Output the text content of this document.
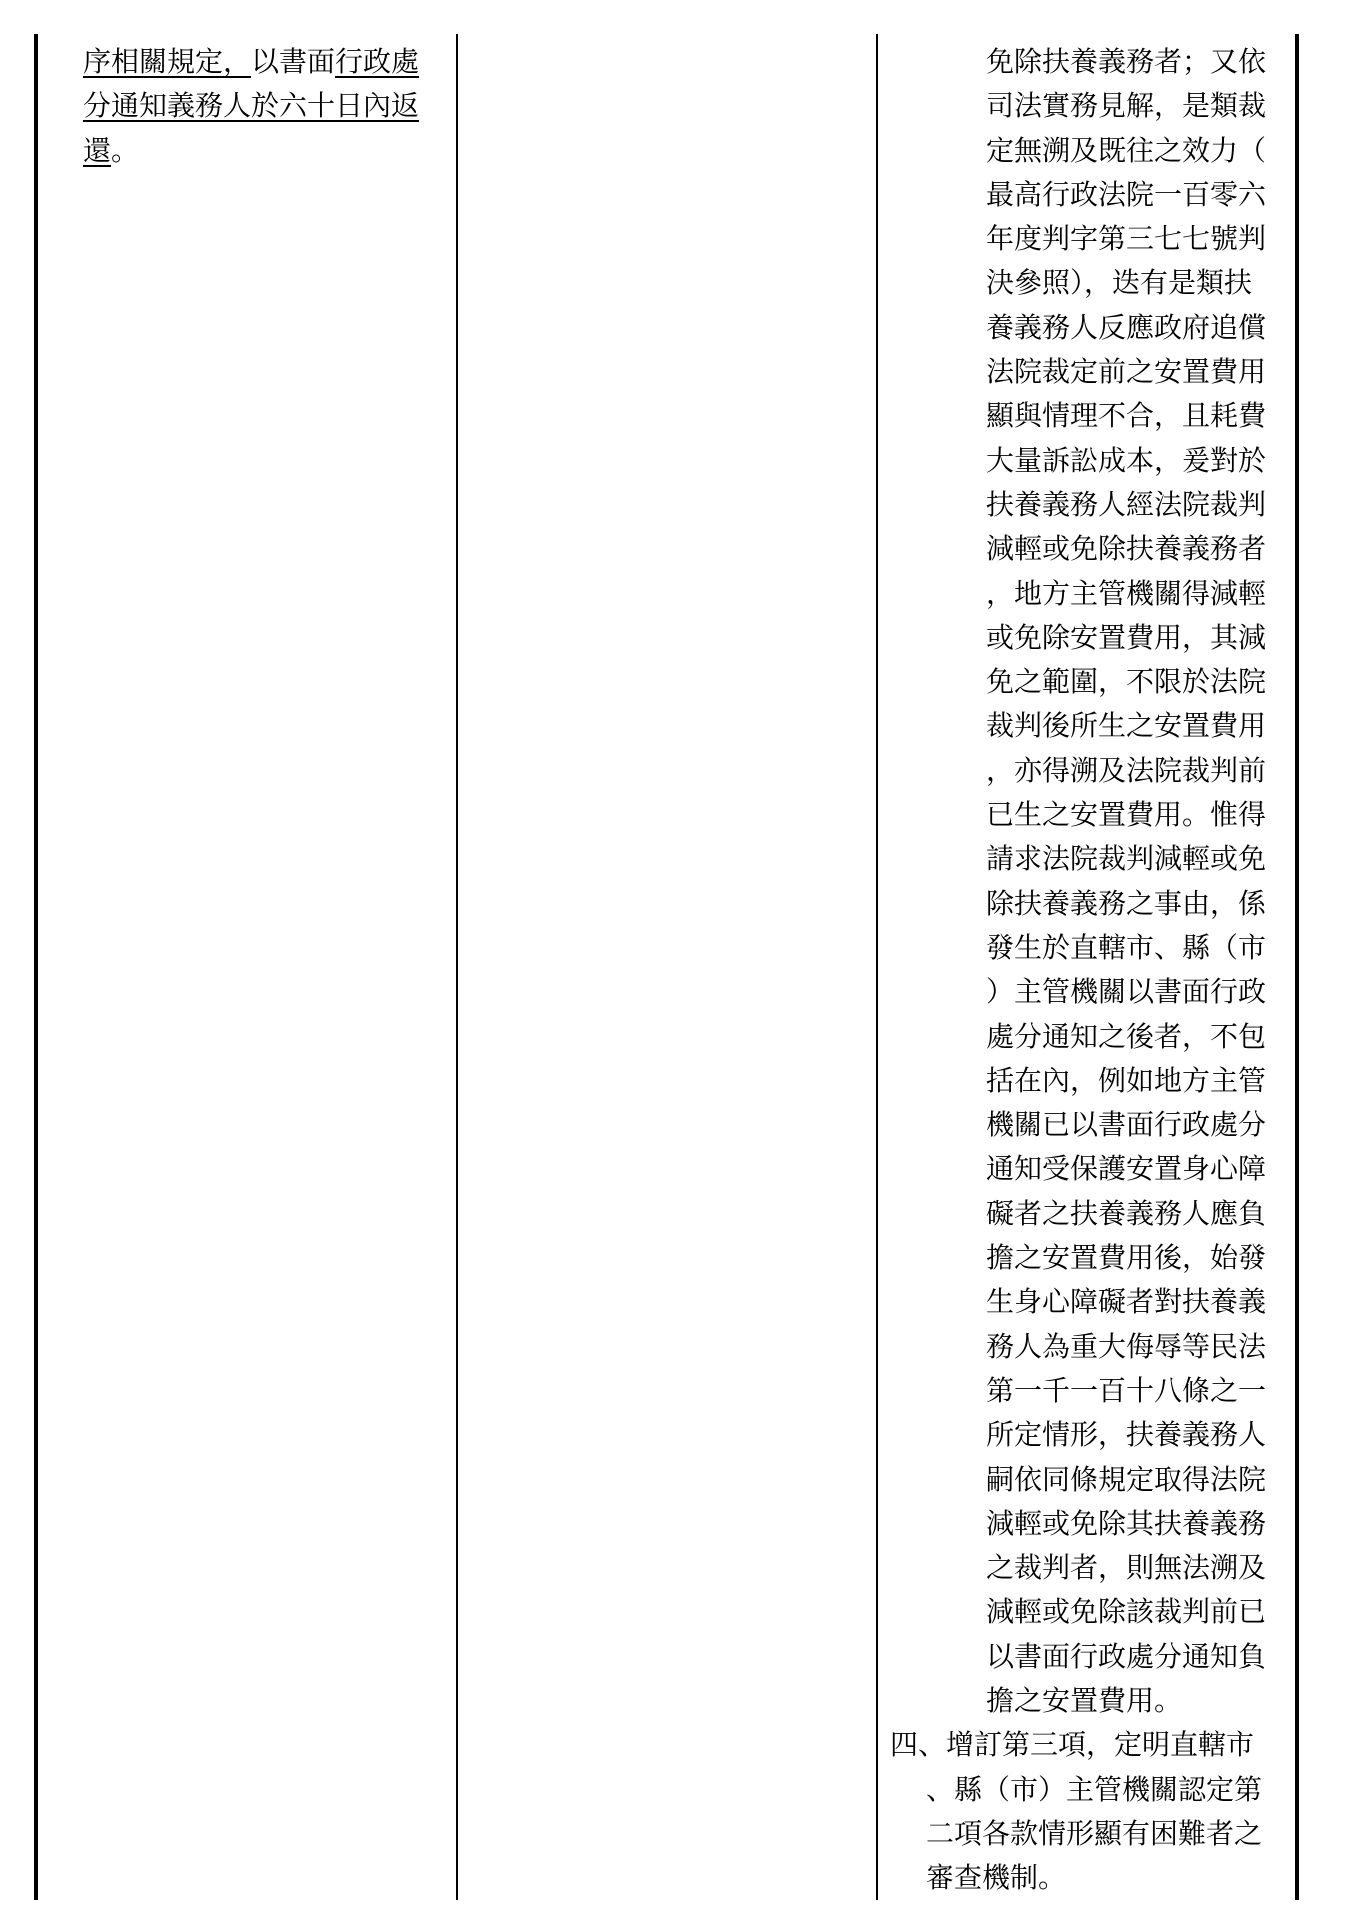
序相關規定，以書面行政處

分通知義務人於六十日內返

還。

免除扶養義務者；又依

司法實務見解，是類裁

定無溯及既往之效力（

最高行政法院一百零六

年度判字第三七七號判

決參照），迭有是類扶

養義務人反應政府追償

法院裁定前之安置費用

顯與情理不合，且耗費

大量訴訟成本，爰對於

扶養義務人經法院裁判

減輕或免除扶養義務者

，地方主管機關得減輕

或免除安置費用，其減

免之範圍，不限於法院

裁判後所生之安置費用

，亦得溯及法院裁判前

已生之安置費用。惟得

請求法院裁判減輕或免

除扶養義務之事由，係

發生於直轄市、縣（市

）主管機關以書面行政

處分通知之後者，不包

括在內，例如地方主管

機關已以書面行政處分

通知受保護安置身心障

礙者之扶養義務人應負

擔之安置費用後，始發

生身心障礙者對扶養義

務人為重大侮辱等民法

第一千一百十八條之一

所定情形，扶養義務人

嗣依同條規定取得法院

減輕或免除其扶養義務

之裁判者，則無法溯及

減輕或免除該裁判前已

以書面行政處分通知負

擔之安置費用。

四、增訂第三項，定明直轄市

、縣（市）主管機關認定第

二項各款情形顯有困難者之

審查機制。
